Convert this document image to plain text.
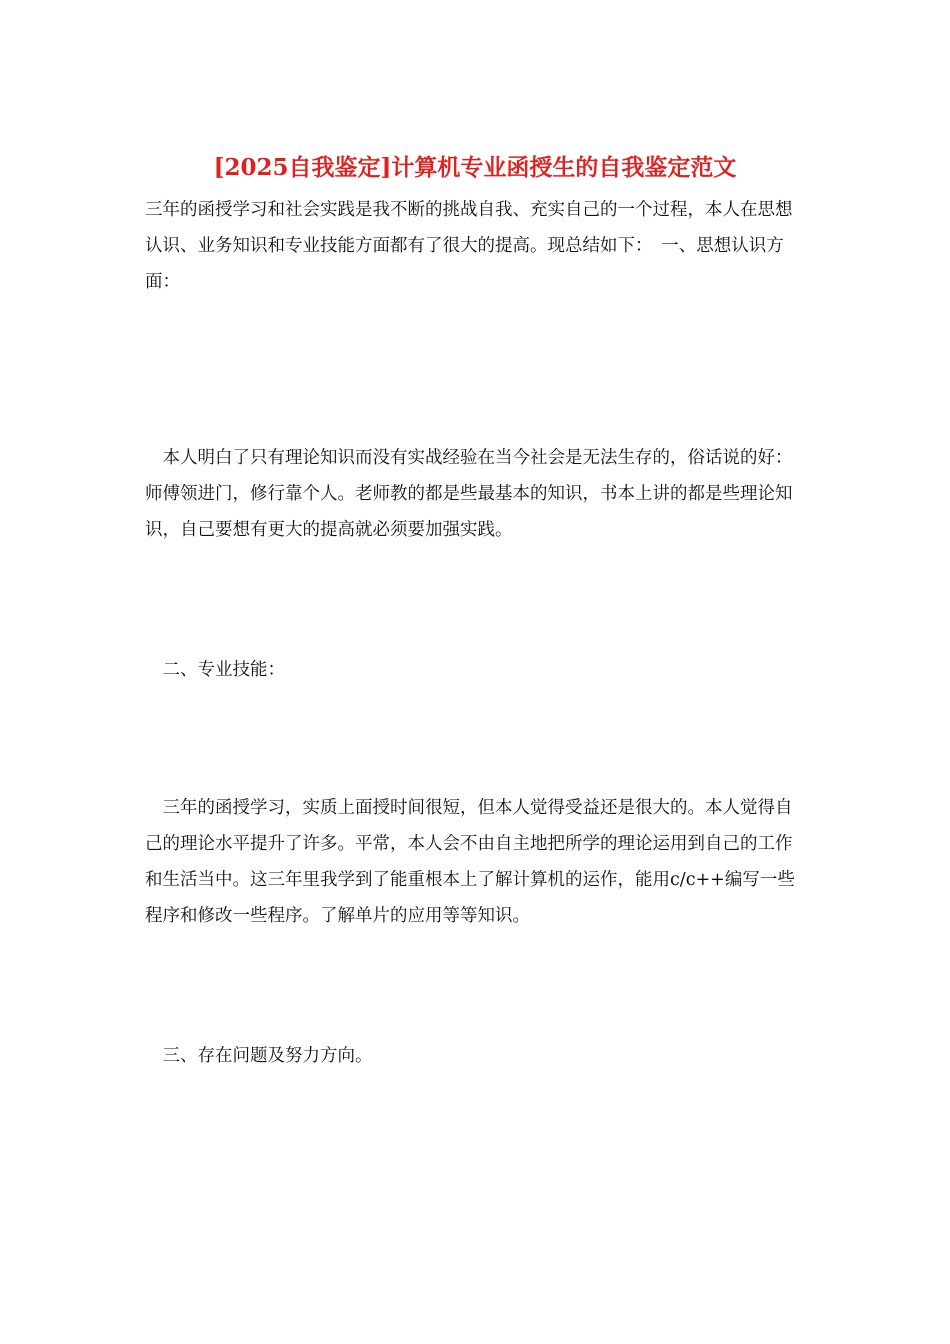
[2025自我鉴定]计算机专业函授生的自我鉴定范文

三年的函授学习和社会实践是我不断的挑战自我、充实自己的一个过程，本人在思想认识、业务知识和专业技能方面都有了很大的提高。现总结如下：　一、思想认识方面：

　本人明白了只有理论知识而没有实战经验在当今社会是无法生存的，俗话说的好：师傅领进门，修行靠个人。老师教的都是些最基本的知识，书本上讲的都是些理论知识，自己要想有更大的提高就必须要加强实践。

　二、专业技能：

　三年的函授学习，实质上面授时间很短，但本人觉得受益还是很大的。本人觉得自己的理论水平提升了许多。平常，本人会不由自主地把所学的理论运用到自己的工作和生活当中。这三年里我学到了能重根本上了解计算机的运作，能用c/c++编写一些程序和修改一些程序。了解单片的应用等等知识。

　三、存在问题及努力方向。
